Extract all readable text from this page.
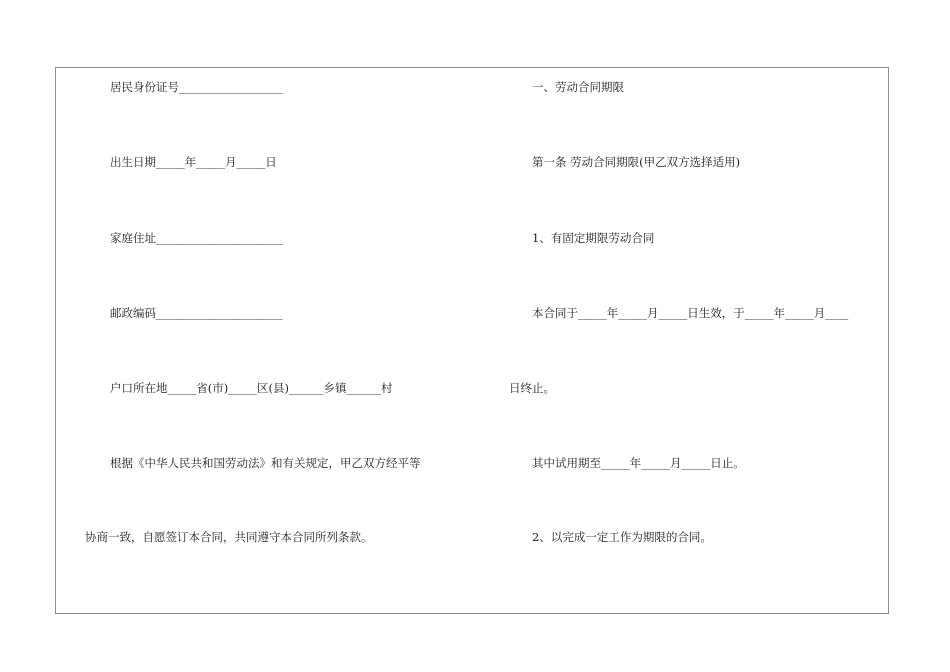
居民身份证号__________________
出生日期_____年_____月_____日
家庭住址______________________
邮政编码______________________
户口所在地_____省(市)_____区(县)______乡镇______村
根据《中华人民共和国劳动法》和有关规定，甲乙双方经平等
协商一致，自愿签订本合同，共同遵守本合同所列条款。
一、劳动合同期限
第一条 劳动合同期限(甲乙双方选择适用)
1、有固定期限劳动合同
本合同于_____年_____月_____日生效，于_____年_____月____
日终止。
其中试用期至_____年_____月_____日止。
2、以完成一定工作为期限的合同。
